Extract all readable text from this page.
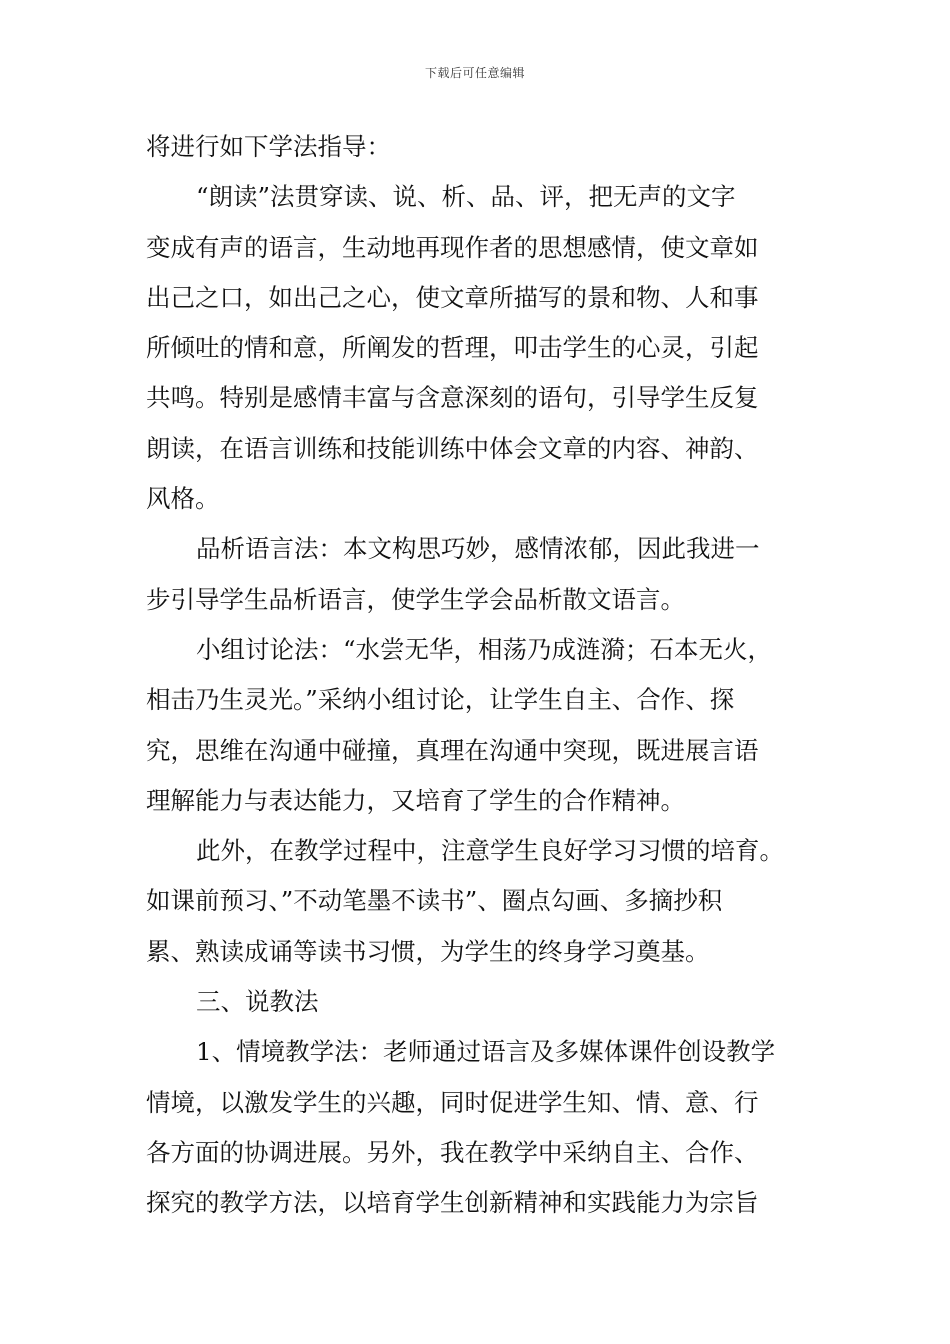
下载后可任意编辑
将进行如下学法指导：
“朗读”法贯穿读、说、析、品、评，把无声的文字
变成有声的语言，生动地再现作者的思想感情，使文章如
出己之口，如出己之心，使文章所描写的景和物、人和事
所倾吐的情和意，所阐发的哲理，叩击学生的心灵，引起
共鸣。特别是感情丰富与含意深刻的语句，引导学生反复
朗读，在语言训练和技能训练中体会文章的内容、神韵、
风格。
品析语言法：本文构思巧妙，感情浓郁，因此我进一
步引导学生品析语言，使学生学会品析散文语言。
小组讨论法：“水尝无华，相荡乃成涟漪；石本无火，
相击乃生灵光。”采纳小组讨论，让学生自主、合作、探
究，思维在沟通中碰撞，真理在沟通中突现，既进展言语
理解能力与表达能力，又培育了学生的合作精神。
此外，在教学过程中，注意学生良好学习习惯的培育。
如课前预习、”不动笔墨不读书”、圈点勾画、多摘抄积
累、熟读成诵等读书习惯，为学生的终身学习奠基。
三、说教法
1、情境教学法：老师通过语言及多媒体课件创设教学
情境，以激发学生的兴趣，同时促进学生知、情、意、行
各方面的协调进展。另外，我在教学中采纳自主、合作、
探究的教学方法，以培育学生创新精神和实践能力为宗旨
